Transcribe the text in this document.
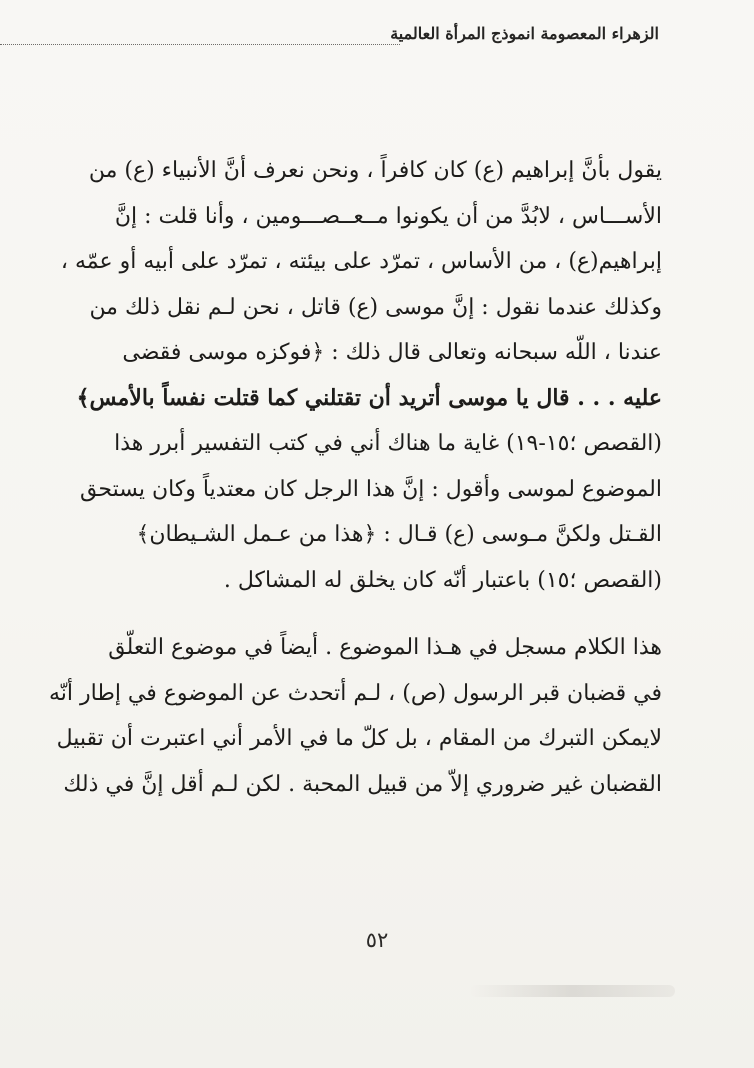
الزهراء المعصومة انموذج المرأة العالمية
يقول بأنَّ إبراهيم (ع) كان كافراً ، ونحن نعرف أنَّ الأنبياء (ع) من
الأســـاس ، لابُدَّ من أن يكونوا مــعــصـــومين ، وأنا قلت : إنَّ
إبراهيم(ع) ، من الأساس ، تمرّد على بيئته ، تمرّد على أبيه أو عمّه ،
وكذلك عندما نقول : إنَّ موسى (ع) قاتل ، نحن لـم نقل ذلك من
عندنا ، اللّه سبحانه وتعالى قال ذلك : ﴿فوكزه موسى فقضى
عليه . . . قال يا موسى أتريد أن تقتلني كما قتلت نفساً بالأمس﴾
(القصص ؛١٥-١٩) غاية ما هناك أني في كتب التفسير أبرر هذا
الموضوع لموسى وأقول : إنَّ هذا الرجل كان معتدياً وكان يستحق
القـتل ولكنَّ مـوسى (ع) قـال : ﴿هذا من عـمل الشـيطان﴾
(القصص ؛١٥) باعتبار أنّه كان يخلق له المشاكل .
هذا الكلام مسجل في هـذا الموضوع . أيضاً في موضوع التعلّق
في قضبان قبر الرسول (ص) ، لـم أتحدث عن الموضوع في إطار أنّه
لايمكن التبرك من المقام ، بل كلّ ما في الأمر أني اعتبرت أن تقبيل
القضبان غير ضروري إلاّ من قبيل المحبة . لكن لـم أقل إنَّ في ذلك
٥٢
